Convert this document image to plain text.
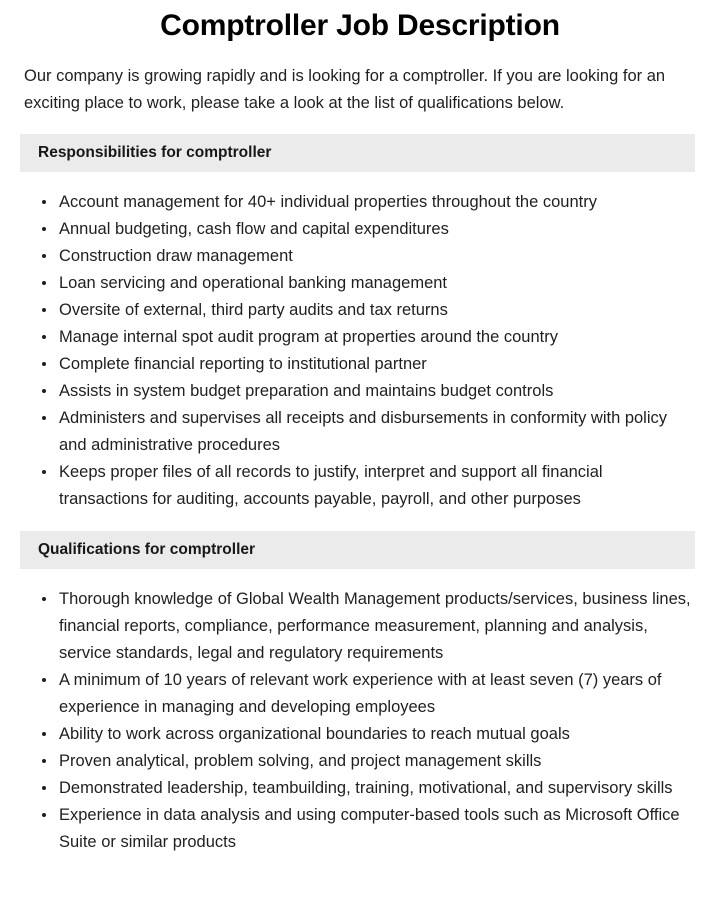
Comptroller Job Description

Our company is growing rapidly and is looking for a comptroller. If you are looking for an exciting place to work, please take a look at the list of qualifications below.

Responsibilities for comptroller
Account management for 40+ individual properties throughout the country
Annual budgeting, cash flow and capital expenditures
Construction draw management
Loan servicing and operational banking management
Oversite of external, third party audits and tax returns
Manage internal spot audit program at properties around the country
Complete financial reporting to institutional partner
Assists in system budget preparation and maintains budget controls
Administers and supervises all receipts and disbursements in conformity with policy and administrative procedures
Keeps proper files of all records to justify, interpret and support all financial transactions for auditing, accounts payable, payroll, and other purposes
Qualifications for comptroller
Thorough knowledge of Global Wealth Management products/services, business lines, financial reports, compliance, performance measurement, planning and analysis, service standards, legal and regulatory requirements
A minimum of 10 years of relevant work experience with at least seven (7) years of experience in managing and developing employees
Ability to work across organizational boundaries to reach mutual goals
Proven analytical, problem solving, and project management skills
Demonstrated leadership, teambuilding, training, motivational, and supervisory skills
Experience in data analysis and using computer-based tools such as Microsoft Office Suite or similar products
